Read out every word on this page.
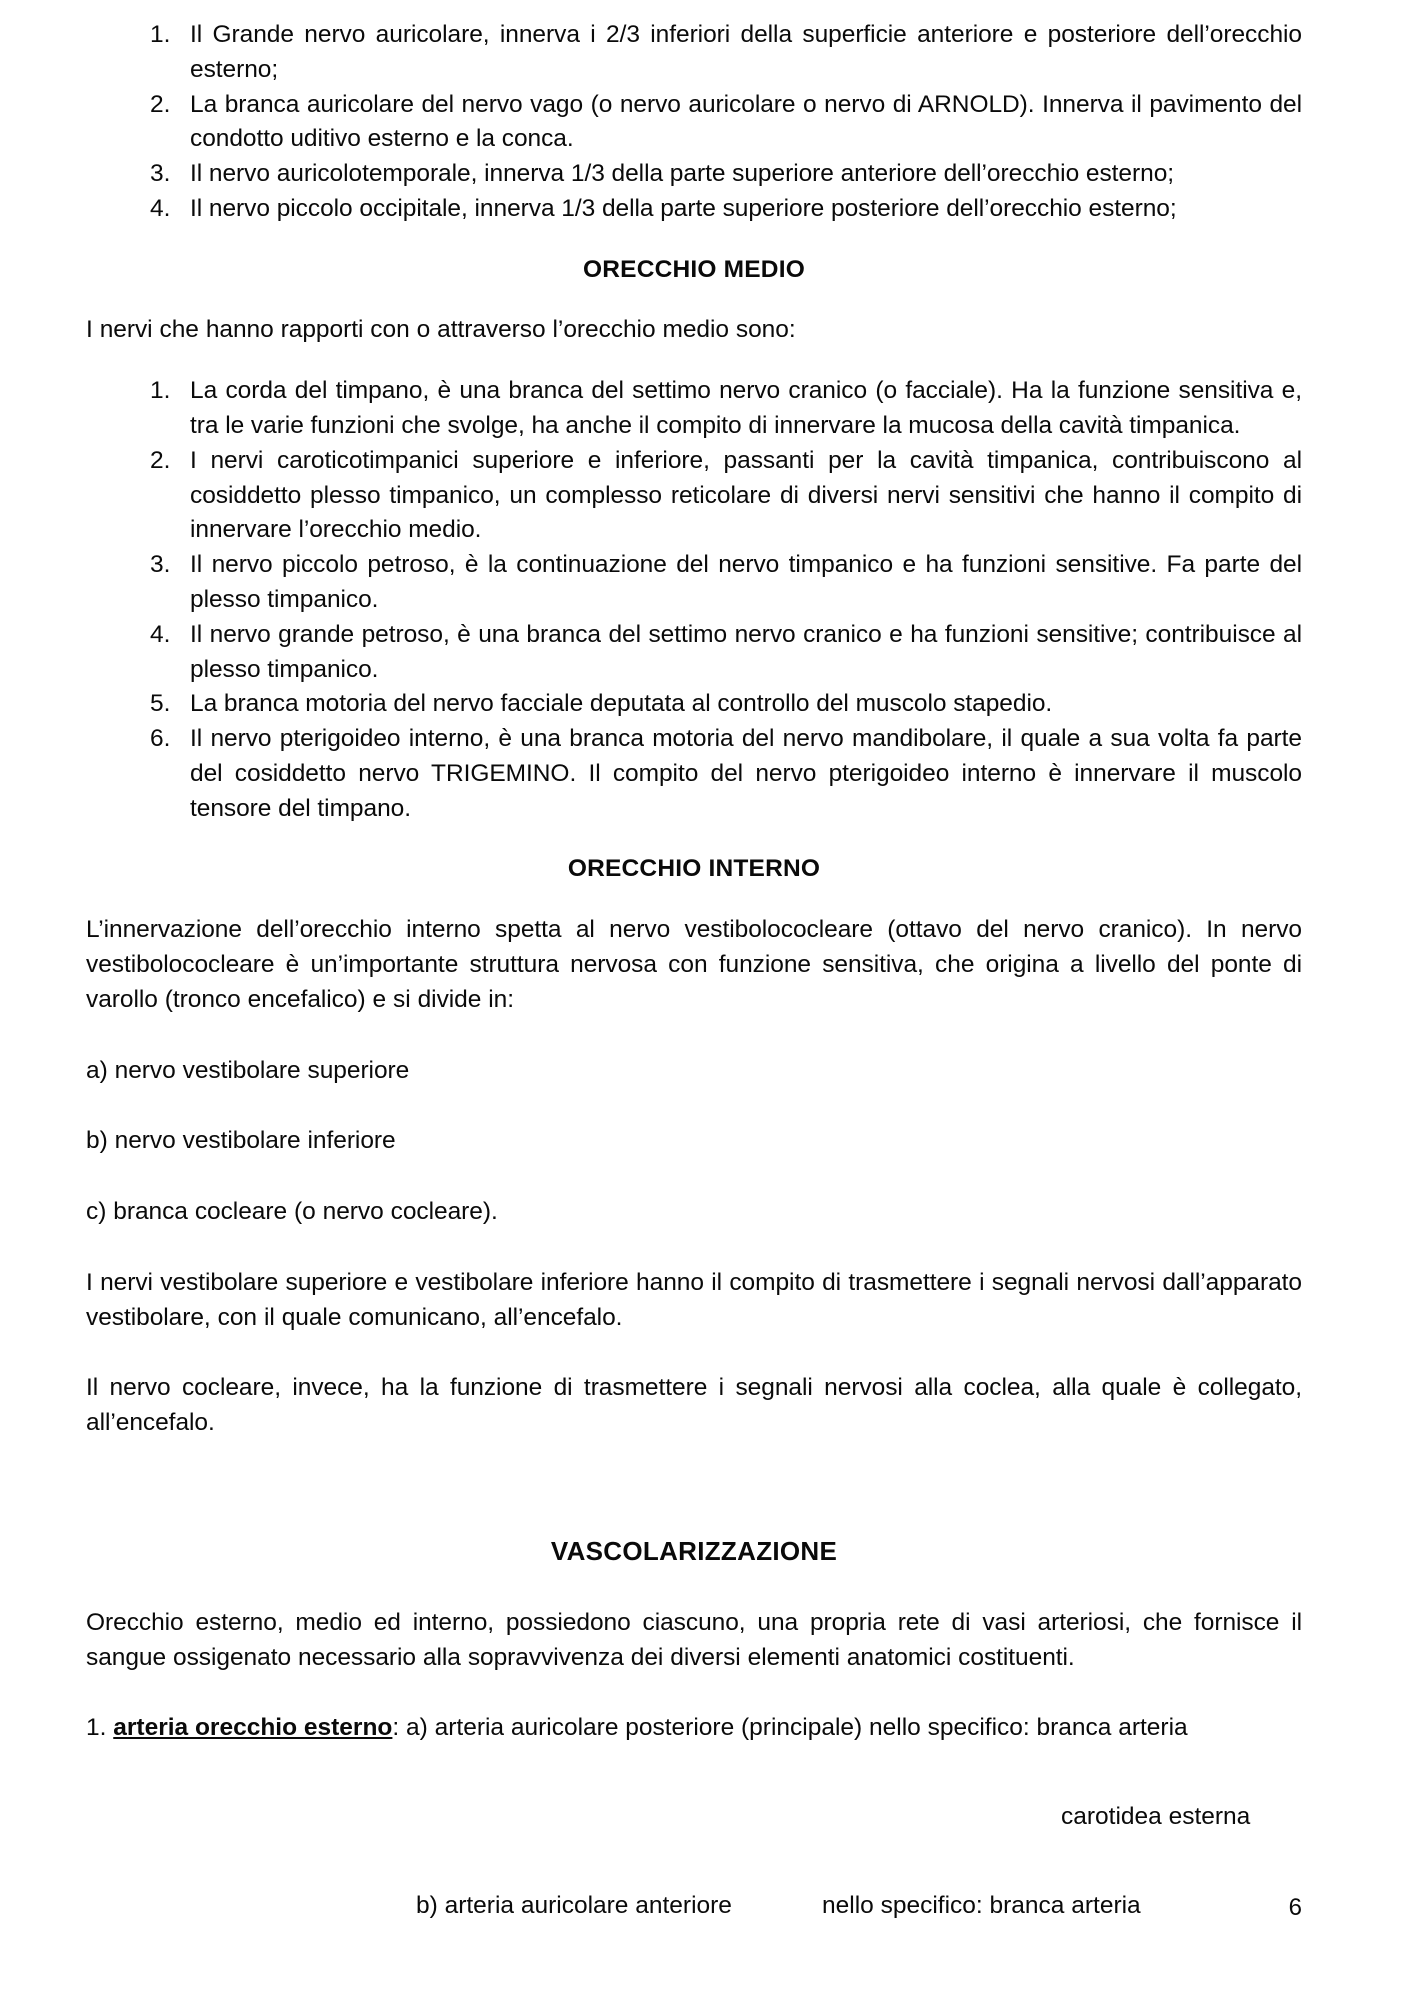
Il Grande nervo auricolare, innerva i 2/3 inferiori della superficie anteriore e posteriore dell’orecchio esterno;
La branca auricolare del nervo vago (o nervo auricolare o nervo di ARNOLD). Innerva il pavimento del condotto uditivo esterno e la conca.
Il nervo auricolotemporale, innerva 1/3 della parte superiore anteriore dell’orecchio esterno;
Il nervo piccolo occipitale, innerva 1/3 della parte superiore posteriore dell’orecchio esterno;
ORECCHIO MEDIO

I nervi che hanno rapporti con o attraverso l’orecchio medio sono:

La corda del timpano, è una branca del settimo nervo cranico (o facciale). Ha la funzione sensitiva e, tra le varie funzioni che svolge, ha anche il compito di innervare la mucosa della cavità timpanica.
I nervi caroticotimpanici superiore e inferiore, passanti per la cavità timpanica, contribuiscono al cosiddetto plesso timpanico, un complesso reticolare di diversi nervi sensitivi che hanno il compito di innervare l’orecchio medio.
Il nervo piccolo petroso, è la continuazione del nervo timpanico e ha funzioni sensitive. Fa parte del plesso timpanico.
Il nervo grande petroso, è una branca del settimo nervo cranico e ha funzioni sensitive; contribuisce al plesso timpanico.
La branca motoria del nervo facciale deputata al controllo del muscolo stapedio.
Il nervo pterigoideo interno, è una branca motoria del nervo mandibolare, il quale a sua volta fa parte del cosiddetto nervo TRIGEMINO. Il compito del nervo pterigoideo interno è innervare il muscolo tensore del timpano.
ORECCHIO INTERNO

L’innervazione dell’orecchio interno spetta al nervo vestibolococleare (ottavo del nervo cranico). In nervo vestibolococleare è un’importante struttura nervosa con funzione sensitiva, che origina a livello del ponte di varollo (tronco encefalico) e si divide in:

a) nervo vestibolare superiore

b) nervo vestibolare inferiore

c) branca cocleare (o nervo cocleare).

I nervi vestibolare superiore e vestibolare inferiore hanno il compito di trasmettere i segnali nervosi dall’apparato vestibolare, con il quale comunicano, all’encefalo.

Il nervo cocleare, invece, ha la funzione di trasmettere i segnali nervosi alla coclea, alla quale è collegato, all’encefalo.

VASCOLARIZZAZIONE

Orecchio esterno, medio ed interno, possiedono ciascuno, una propria rete di vasi arteriosi, che fornisce il sangue ossigenato necessario alla sopravvivenza dei diversi elementi anatomici costituenti.

1. arteria orecchio esterno: a) arteria auricolare posteriore (principale) nello specifico: branca arteria
carotidea esterna
b) arteria auricolare anteriore	nello specifico: branca arteria	6
